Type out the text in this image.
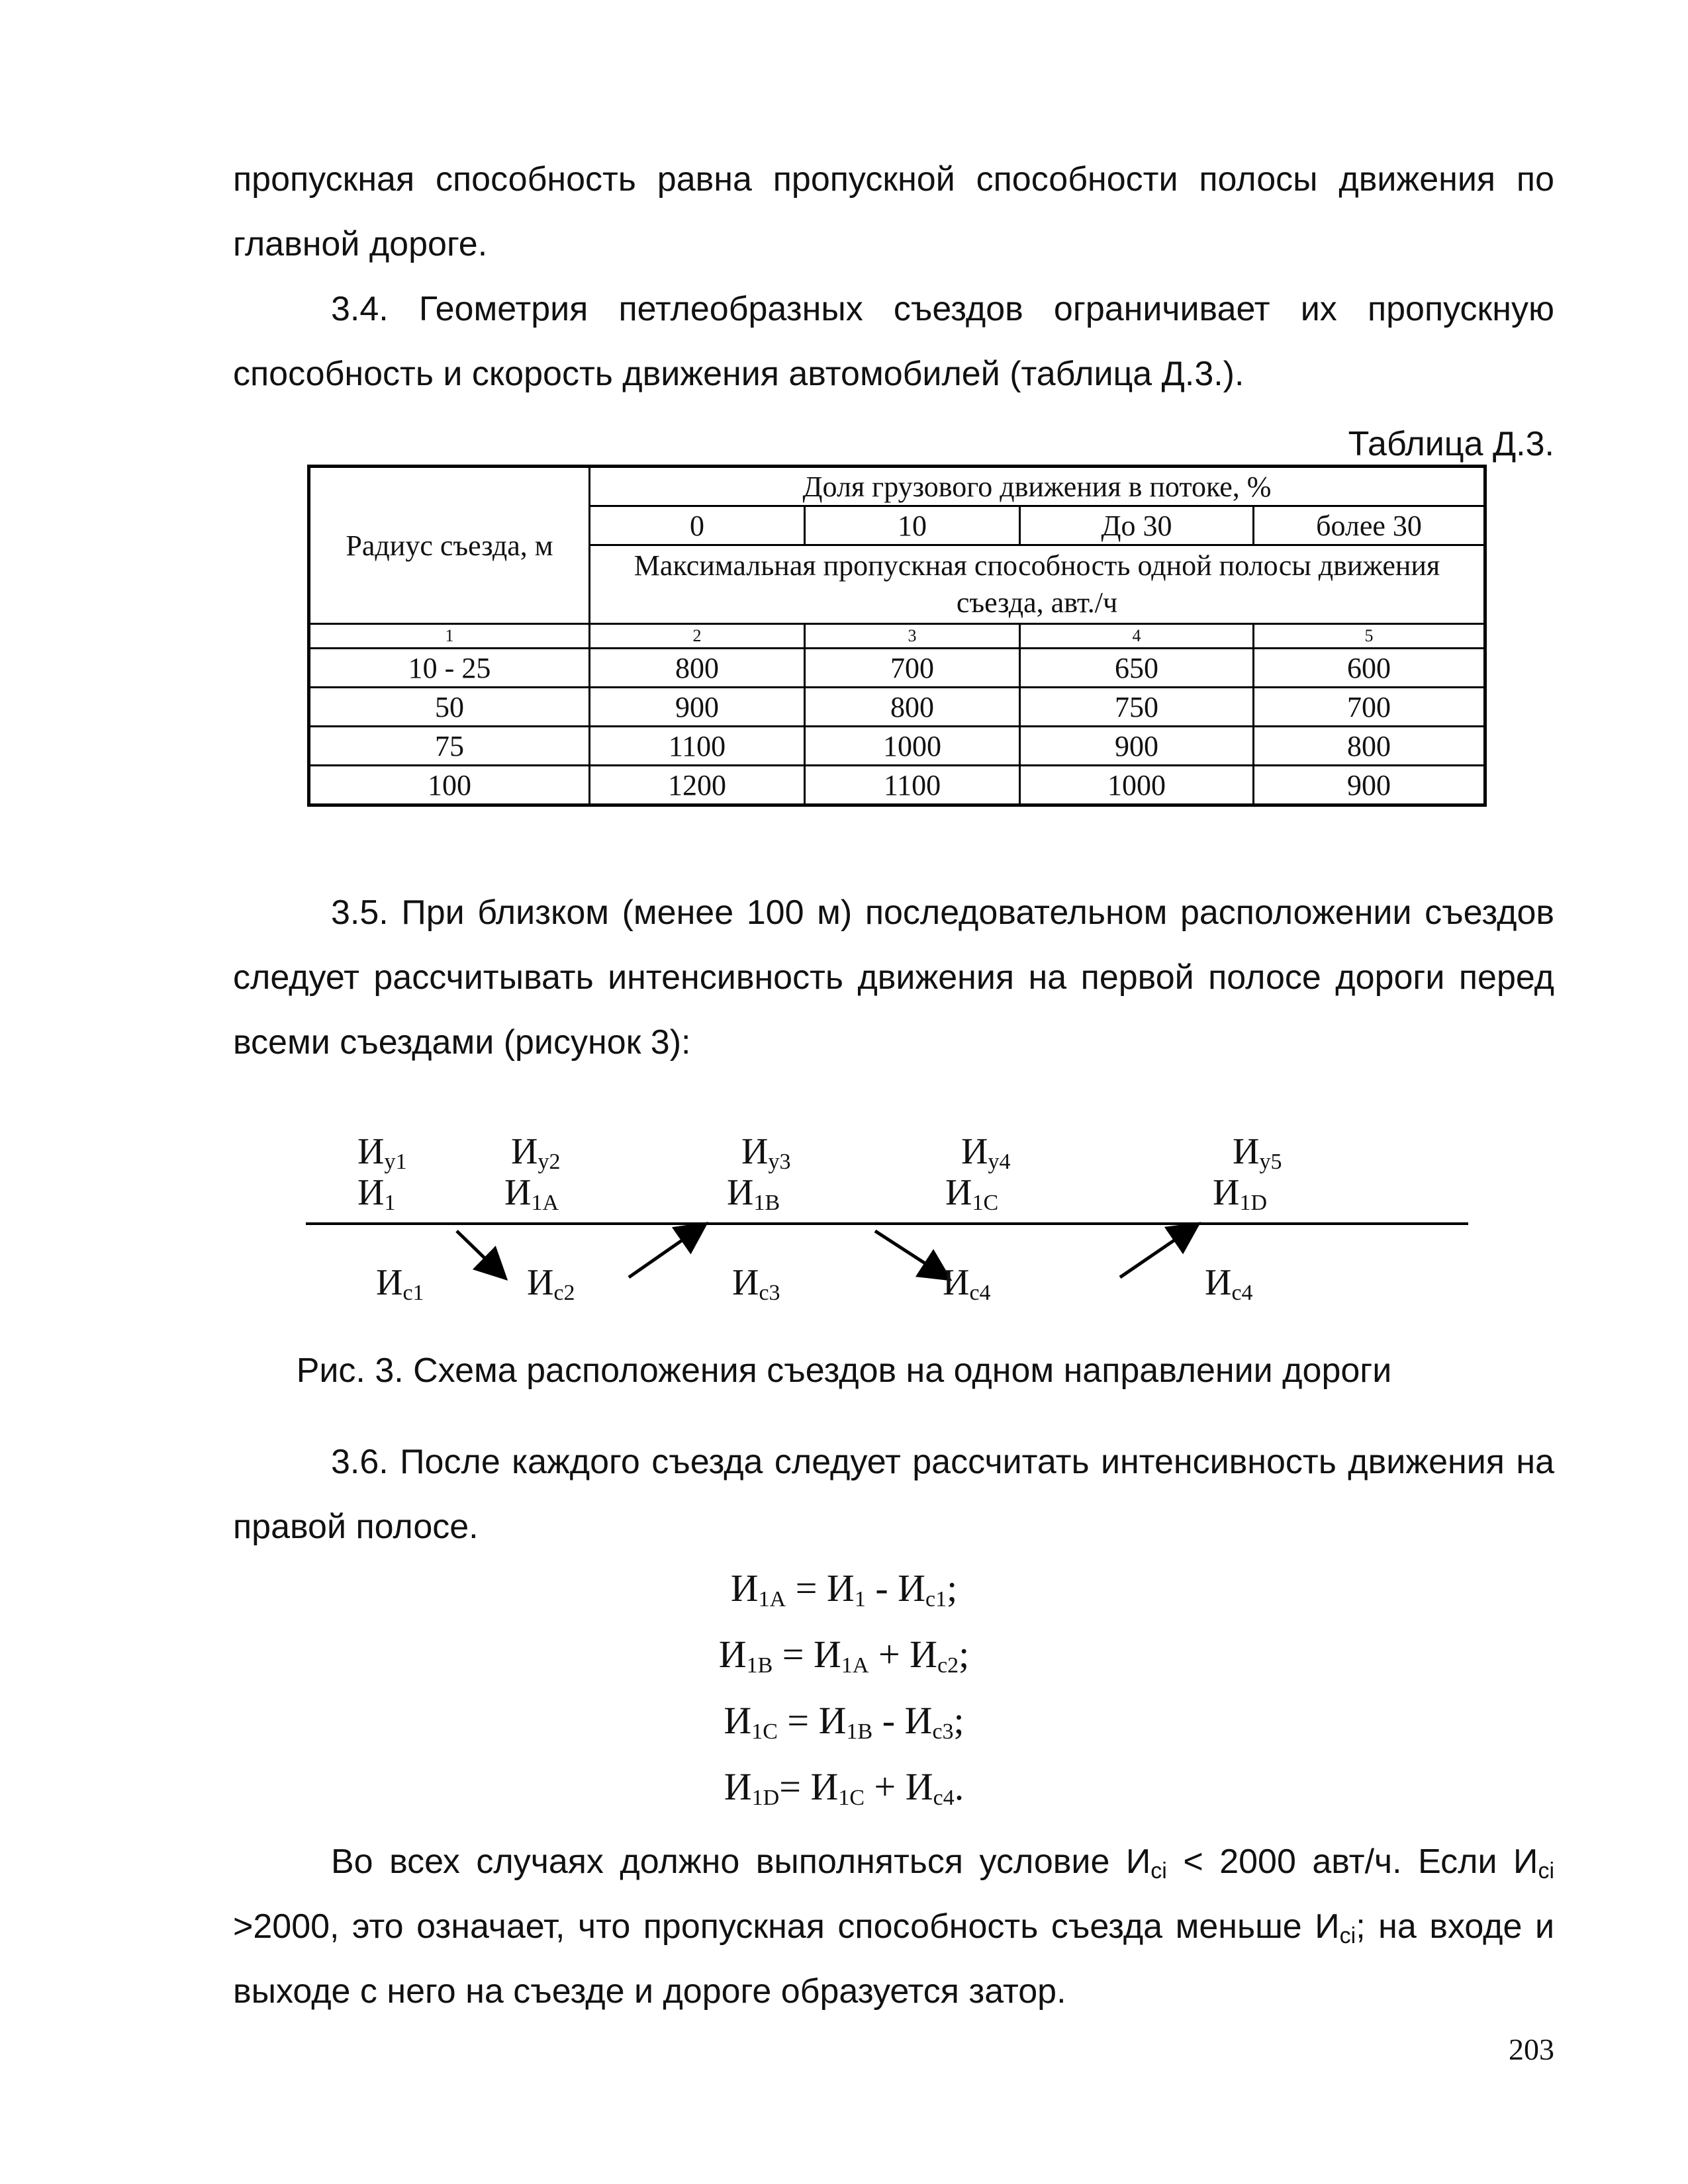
пропускная способность равна пропускной способности полосы движения по главной дороге.

3.4. Геометрия петлеобразных съездов ограничивает их пропускную способность и скорость движения автомобилей (таблица Д.3.).

Таблица Д.3.
Радиус съезда, м	Доля грузового движения в потоке, %			
	0	10	До 30	более 30
	Максимальная пропускная способность одной полосы движения съезда, авт./ч			
1	2	3	4	5
10 - 25	800	700	650	600
50	900	800	750	700
75	1100	1000	900	800
100	1200	1100	1000	900

3.5. При близком (менее 100 м) последовательном расположении съездов следует рассчитывать интенсивность движения на первой полосе дороги перед всеми съездами (рисунок 3):

$И_{у1}$	$И_{у2}$	$И_{у3}$	$И_{у4}$	$И_{у5}$
$И_1$	$И_{1А}$	$И_{1В}$	$И_{1С}$	$И_{1D}$
$И_{с1}$	$И_{с2}$	$И_{с3}$	$И_{с4}$	$И_{с4}$
Рис. 3. Схема расположения съездов на одном направлении дороги

3.6. После каждого съезда следует рассчитать интенсивность движения на правой полосе.

$И_{1А} = И_1 - И_{с1}$;
$И_{1В} = И_{1А} + И_{с2}$;
$И_{1С} = И_{1В} - И_{с3}$;
$И_{1D}= И_{1С} + И_{с4}$.

Во всех случаях должно выполняться условие $И_{ci} < 2000$ авт/ч. Если $И_{ci} >2000$, это означает, что пропускная способность съезда меньше $И_{ci}$; на входе и выходе с него на съезде и дороге образуется затор.

203
